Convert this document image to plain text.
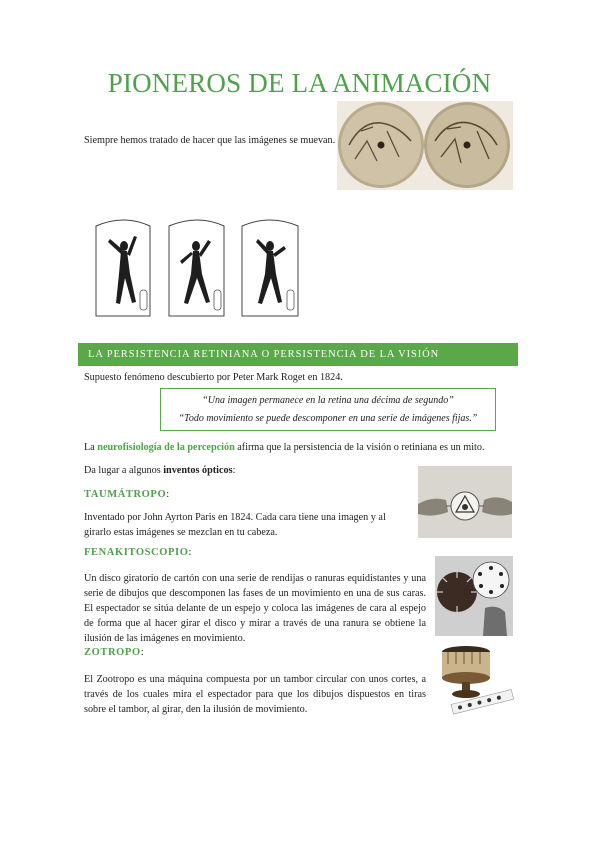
PIONEROS DE LA ANIMACIÓN
Siempre hemos tratado de hacer que las imágenes se muevan.
LA PERSISTENCIA RETINIANA O PERSISTENCIA DE LA VISIÓN
Supuesto fenómeno descubierto por Peter Mark Roget en 1824.
“Una imagen permanece en la retina una décima de segundo”
“Todo movimiento se puede descomponer en una serie de imágenes fijas.”
La neurofisiología de la percepción afirma que la persistencia de la visión o retiniana es un mito.
Da lugar a algunos inventos ópticos:
TAUMÁTROPO:
Inventado por John Ayrton Paris en 1824. Cada cara tiene una imagen y al girarlo estas imágenes se mezclan en tu cabeza.
FENAKITOSCOPIO:
Un disco giratorio de cartón con una serie de rendijas o ranuras equidistantes y una serie de dibujos que descomponen las fases de un movimiento en una de sus caras. El espectador se sitúa delante de un espejo y coloca las imágenes de cara al espejo de forma que al hacer girar el disco y mirar a través de una ranura se obtiene la ilusión de las imágenes en movimiento.
ZOTROPO:
El Zootropo es una máquina compuesta por un tambor circular con unos cortes, a través de los cuales mira el espectador para que los dibujos dispuestos en tiras sobre el tambor, al girar, den la ilusión de movimiento.
